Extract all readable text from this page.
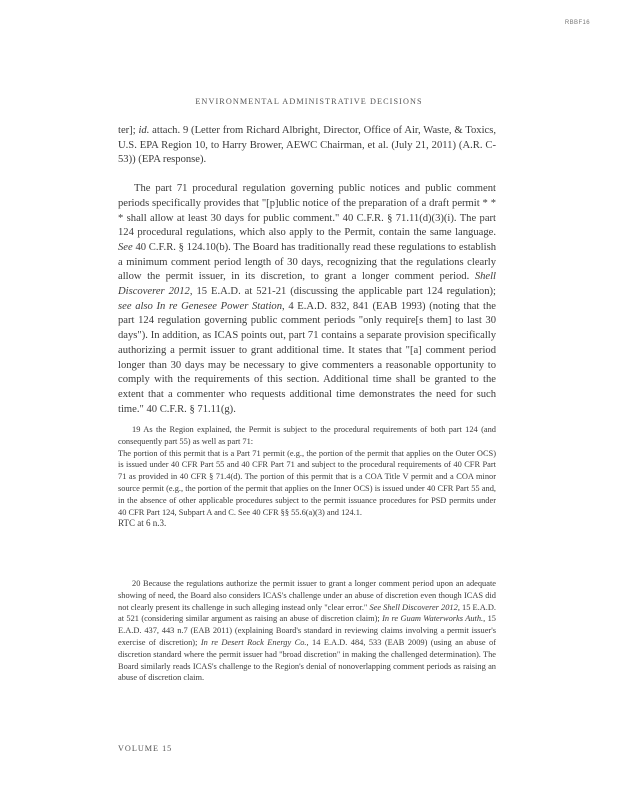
RBBF16
ENVIRONMENTAL ADMINISTRATIVE DECISIONS

ter]; id. attach. 9 (Letter from Richard Albright, Director, Office of Air, Waste, & Toxics, U.S. EPA Region 10, to Harry Brower, AEWC Chairman, et al. (July 21, 2011) (A.R. C-53)) (EPA response).

The part 71 procedural regulation governing public notices and public comment periods specifically provides that "[p]ublic notice of the preparation of a draft permit * * * shall allow at least 30 days for public comment." 40 C.F.R. § 71.11(d)(3)(i). The part 124 procedural regulations, which also apply to the Permit, contain the same language. See 40 C.F.R. § 124.10(b). The Board has traditionally read these regulations to establish a minimum comment period length of 30 days, recognizing that the regulations clearly allow the permit issuer, in its discretion, to grant a longer comment period. Shell Discoverer 2012, 15 E.A.D. at 521-21 (discussing the applicable part 124 regulation); see also In re Genesee Power Station, 4 E.A.D. 832, 841 (EAB 1993) (noting that the part 124 regulation governing public comment periods "only require[s them] to last 30 days"). In addition, as ICAS points out, part 71 contains a separate provision specifically authorizing a permit issuer to grant additional time. It states that "[a] comment period longer than 30 days may be necessary to give commenters a reasonable opportunity to comply with the requirements of this section. Additional time shall be granted to the extent that a commenter who requests additional time demonstrates the need for such time." 40 C.F.R. § 71.11(g).

19 As the Region explained, the Permit is subject to the procedural requirements of both part 124 (and consequently part 55) as well as part 71:

The portion of this permit that is a Part 71 permit (e.g., the portion of the permit that applies on the Outer OCS) is issued under 40 CFR Part 55 and 40 CFR Part 71 and subject to the procedural requirements of 40 CFR Part 71 as provided in 40 CFR § 71.4(d). The portion of this permit that is a COA Title V permit and a COA minor source permit (e.g., the portion of the permit that applies on the Inner OCS) is issued under 40 CFR Part 55 and, in the absence of other applicable procedures subject to the permit issuance procedures for PSD permits under 40 CFR Part 124, Subpart A and C. See 40 CFR §§ 55.6(a)(3) and 124.1.

RTC at 6 n.3.

20 Because the regulations authorize the permit issuer to grant a longer comment period upon an adequate showing of need, the Board also considers ICAS's challenge under an abuse of discretion even though ICAS did not clearly present its challenge in such alleging instead only "clear error." See Shell Discoverer 2012, 15 E.A.D. at 521 (considering similar argument as raising an abuse of discretion claim); In re Guam Waterworks Auth., 15 E.A.D. 437, 443 n.7 (EAB 2011) (explaining Board's standard in reviewing claims involving a permit issuer's exercise of discretion); In re Desert Rock Energy Co., 14 E.A.D. 484, 533 (EAB 2009) (using an abuse of discretion standard where the permit issuer had "broad discretion" in making the challenged determination). The Board similarly reads ICAS's challenge to the Region's denial of nonoverlapping comment periods as raising an abuse of discretion claim.

VOLUME 15
